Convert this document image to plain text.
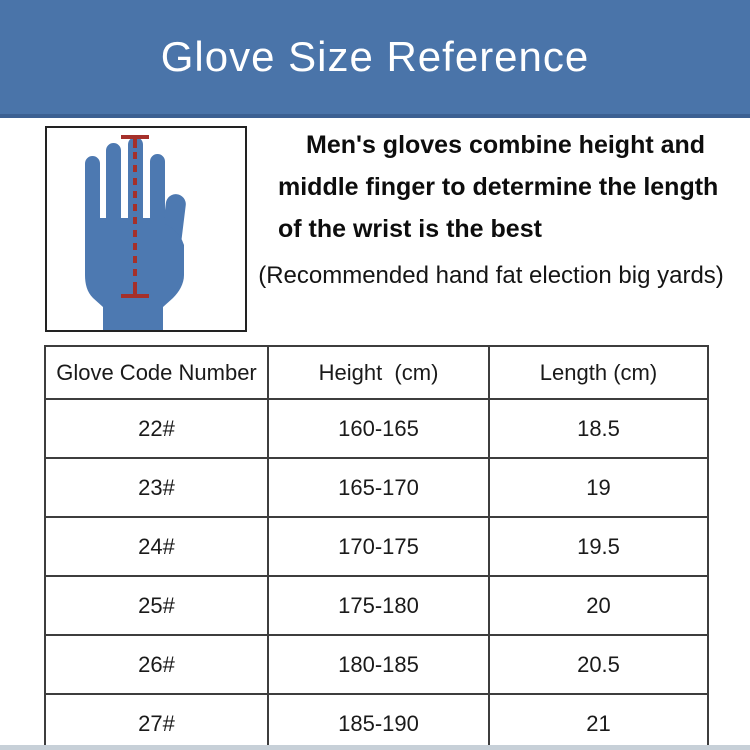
Glove Size Reference
Men's gloves combine height and
middle finger to determine the length
of the wrist is the best
(Recommended hand fat election big yards)
Glove Code Number	Height  (cm)	Length (cm)
22#	160-165	18.5
23#	165-170	19
24#	170-175	19.5
25#	175-180	20
26#	180-185	20.5
27#	185-190	21
